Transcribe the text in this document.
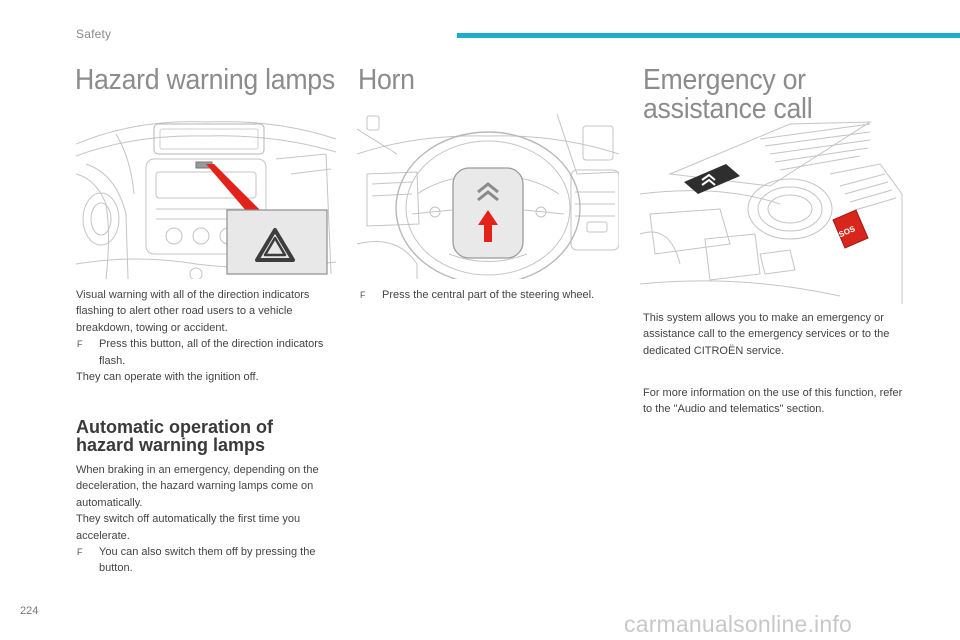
Safety
Hazard warning lamps

Visual warning with all of the direction indicators flashing to alert other road users to a vehicle breakdown, towing or accident.

F	Press this button, all of the direction indicators flash.

They can operate with the ignition off.

Automatic operation of
hazard warning lamps

When braking in an emergency, depending on the deceleration, the hazard warning lamps come on automatically.

They switch off automatically the first time you accelerate.

F	You can also switch them off by pressing the button.
Horn
F	Press the central part of the steering wheel.
Emergency or
assistance call
SOS
This system allows you to make an emergency or assistance call to the emergency services or to the dedicated CITROËN service.
For more information on the use of this function, refer to the "Audio and telematics" section.
224	carmanualsonline.info
